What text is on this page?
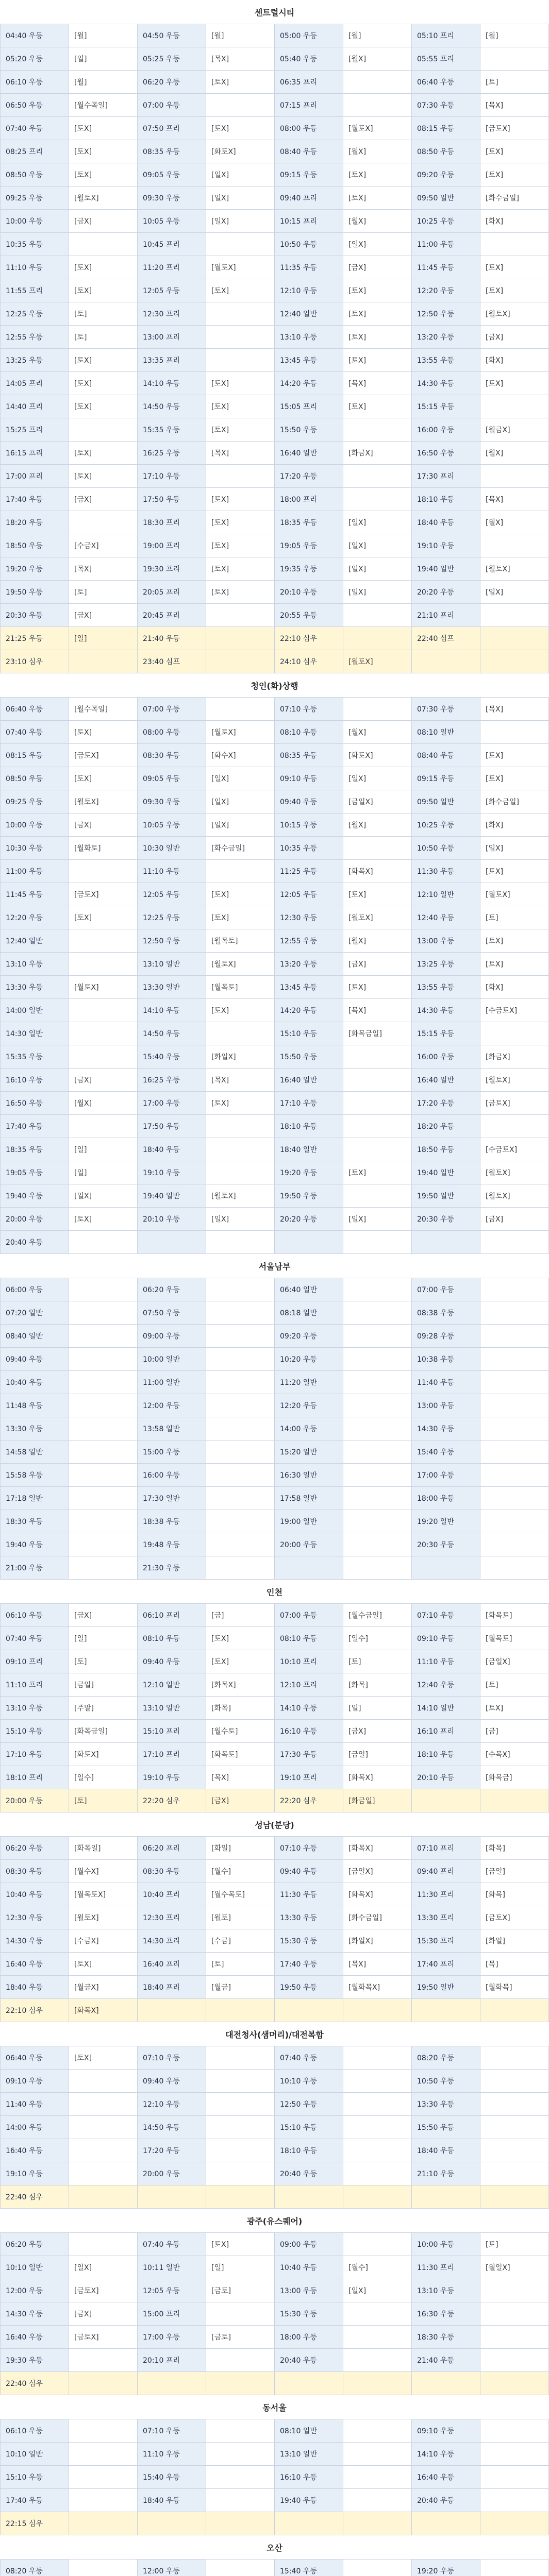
센트럴시티
04:40 우등	[월]	04:50 우등	[월]	05:00 우등	[월]	05:10 프리	[월]
05:20 우등	[일]	05:25 우등	[목X]	05:40 우등	[월X]	05:55 프리
06:10 우등	[월]	06:20 우등	[토X]	06:35 프리	06:40 우등	[토]
06:50 우등	[월수목일]	07:00 우등	07:15 프리	07:30 우등	[목X]
07:40 우등	[토X]	07:50 프리	[토X]	08:00 우등	[월토X]	08:15 우등	[금토X]
08:25 프리	[토X]	08:35 우등	[화토X]	08:40 우등	[월X]	08:50 우등	[토X]
08:50 우등	[토X]	09:05 우등	[일X]	09:15 우등	[토X]	09:20 우등	[토X]
09:25 우등	[월토X]	09:30 우등	[일X]	09:40 프리	[토X]	09:50 일반	[화수금일]
10:00 우등	[금X]	10:05 우등	[일X]	10:15 프리	[월X]	10:25 우등	[화X]
10:35 우등	10:45 프리	10:50 우등	[일X]	11:00 우등
11:10 우등	[토X]	11:20 프리	[월토X]	11:35 우등	[금X]	11:45 우등	[토X]
11:55 프리	[토X]	12:05 우등	[토X]	12:10 우등	[토X]	12:20 우등	[토X]
12:25 우등	[토]	12:30 프리	12:40 일반	[토X]	12:50 우등	[월토X]
12:55 우등	[토]	13:00 프리	13:10 우등	[토X]	13:20 우등	[금X]
13:25 우등	[토X]	13:35 프리	13:45 우등	[토X]	13:55 우등	[화X]
14:05 프리	[토X]	14:10 우등	[토X]	14:20 우등	[목X]	14:30 우등	[토X]
14:40 프리	[토X]	14:50 우등	[토X]	15:05 프리	[토X]	15:15 우등
15:25 프리	15:35 우등	[토X]	15:50 우등	16:00 우등	[월금X]
16:15 프리	[토X]	16:25 우등	[목X]	16:40 일반	[화금X]	16:50 우등	[월X]
17:00 프리	[토X]	17:10 우등	17:20 우등	17:30 프리
17:40 우등	[금X]	17:50 우등	[토X]	18:00 프리	18:10 우등	[목X]
18:20 우등	18:30 프리	[토X]	18:35 우등	[일X]	18:40 우등	[월X]
18:50 우등	[수금X]	19:00 프리	[토X]	19:05 우등	[일X]	19:10 우등
19:20 우등	[목X]	19:30 프리	[토X]	19:35 우등	[일X]	19:40 일반	[월토X]
19:50 우등	[토]	20:05 프리	[토X]	20:10 우등	[일X]	20:20 우등	[일X]
20:30 우등	[금X]	20:45 프리	20:55 우등	21:10 프리
21:25 우등	[일]	21:40 우등	22:10 심우	22:40 심프
23:10 심우	23:40 심프	24:10 심우	[월토X]
청인(화)상행
06:40 우등	[월수목일]	07:00 우등	07:10 우등	07:30 우등	[목X]
07:40 우등	[토X]	08:00 우등	[월토X]	08:10 우등	[월X]	08:10 일반
08:15 우등	[금토X]	08:30 우등	[화수X]	08:35 우등	[화토X]	08:40 우등	[토X]
08:50 우등	[토X]	09:05 우등	[일X]	09:10 우등	[일X]	09:15 우등	[토X]
09:25 우등	[월토X]	09:30 우등	[일X]	09:40 우등	[금일X]	09:50 일반	[화수금일]
10:00 우등	[금X]	10:05 우등	[일X]	10:15 우등	[월X]	10:25 우등	[화X]
10:30 우등	[월화토]	10:30 일반	[화수금일]	10:35 우등	10:50 우등	[일X]
11:00 우등	11:10 우등	11:25 우등	[화목X]	11:30 우등	[토X]
11:45 우등	[금토X]	12:05 우등	[토X]	12:05 우등	[토X]	12:10 일반	[월토X]
12:20 우등	[토X]	12:25 우등	[토X]	12:30 우등	[월토X]	12:40 우등	[토]
12:40 일반	12:50 우등	[월목토]	12:55 우등	[월X]	13:00 우등	[토X]
13:10 우등	13:10 일반	[월토X]	13:20 우등	[금X]	13:25 우등	[토X]
13:30 우등	[월토X]	13:30 일반	[월목토]	13:45 우등	[토X]	13:55 우등	[화X]
14:00 일반	14:10 우등	[토X]	14:20 우등	[목X]	14:30 우등	[수금토X]
14:30 일반	14:50 우등	15:10 우등	[화목금일]	15:15 우등
15:35 우등	15:40 우등	[화일X]	15:50 우등	16:00 우등	[화금X]
16:10 우등	[금X]	16:25 우등	[목X]	16:40 일반	16:40 일반	[월토X]
16:50 우등	[월X]	17:00 우등	[토X]	17:10 우등	17:20 우등	[금토X]
17:40 우등	17:50 우등	18:10 우등	18:20 우등
18:35 우등	[일]	18:40 우등	18:40 일반	18:50 우등	[수금토X]
19:05 우등	[일]	19:10 우등	19:20 우등	[토X]	19:40 일반	[월토X]
19:40 우등	[일X]	19:40 일반	[월토X]	19:50 우등	19:50 일반	[월토X]
20:00 우등	[토X]	20:10 우등	[일X]	20:20 우등	[일X]	20:30 우등	[금X]
20:40 우등
서울남부
06:00 우등	06:20 우등	06:40 일반	07:00 우등
07:20 일반	07:50 우등	08:18 일반	08:38 우등
08:40 일반	09:00 우등	09:20 우등	09:28 우등
09:40 우등	10:00 일반	10:20 우등	10:38 우등
10:40 우등	11:00 일반	11:20 일반	11:40 우등
11:48 우등	12:00 우등	12:20 우등	13:00 우등
13:30 우등	13:58 일반	14:00 우등	14:30 우등
14:58 일반	15:00 우등	15:20 일반	15:40 우등
15:58 우등	16:00 우등	16:30 일반	17:00 우등
17:18 일반	17:30 일반	17:58 일반	18:00 우등
18:30 우등	18:38 우등	19:00 일반	19:20 일반
19:40 우등	19:48 우등	20:00 우등	20:30 우등
21:00 우등	21:30 우등
인천
06:10 우등	[금X]	06:10 프리	[금]	07:00 우등	[월수금일]	07:10 우등	[화목토]
07:40 우등	[일]	08:10 우등	[토X]	08:10 우등	[일수]	09:10 우등	[월목토]
09:10 프리	[토]	09:40 우등	[토X]	10:10 프리	[토]	11:10 우등	[금일X]
11:10 프리	[금일]	12:10 일반	[화목X]	12:10 프리	[화목]	12:40 우등	[토]
13:10 우등	[주말]	13:10 일반	[화목]	14:10 우등	[일]	14:10 일반	[토X]
15:10 우등	[화목금일]	15:10 프리	[월수토]	16:10 우등	[금X]	16:10 프리	[금]
17:10 우등	[화토X]	17:10 프리	[화목토]	17:30 우등	[금일]	18:10 우등	[수목X]
18:10 프리	[일수]	19:10 우등	[목X]	19:10 프리	[화목X]	20:10 우등	[화목금]
20:00 우등	[토]	22:20 심우	[금X]	22:20 심우	[화금일]
성남(분당)
06:20 우등	[화목일]	06:20 프리	[화일]	07:10 우등	[화목X]	07:10 프리	[화목]
08:30 우등	[월수X]	08:30 우등	[월수]	09:40 우등	[금일X]	09:40 프리	[금일]
10:40 우등	[월목토X]	10:40 프리	[월수목토]	11:30 우등	[화목X]	11:30 프리	[화목]
12:30 우등	[월토X]	12:30 프리	[월토]	13:30 우등	[화수금일]	13:30 프리	[금토X]
14:30 우등	[수금X]	14:30 프리	[수금]	15:30 우등	[화일X]	15:30 프리	[화일]
16:40 우등	[토X]	16:40 프리	[토]	17:40 우등	[목X]	17:40 프리	[목]
18:40 우등	[월금X]	18:40 프리	[월금]	19:50 우등	[월화목X]	19:50 일반	[월화목]
22:10 심우	[화목X]
대전청사(샘머리)/대전복합
06:40 우등	[토X]	07:10 우등	07:40 우등	08:20 우등
09:10 우등	09:40 우등	10:10 우등	10:50 우등
11:40 우등	12:10 우등	12:50 우등	13:30 우등
14:00 우등	14:50 우등	15:10 우등	15:50 우등
16:40 우등	17:20 우등	18:10 우등	18:40 우등
19:10 우등	20:00 우등	20:40 우등	21:10 우등
22:40 심우
광주(유스퀘어)
06:20 우등	07:40 우등	[토X]	09:00 우등	10:00 우등	[토]
10:10 일반	[일X]	10:11 일반	[일]	10:40 우등	[월수]	11:30 프리	[월일X]
12:00 우등	[금토X]	12:05 우등	[금토]	13:00 우등	[일X]	13:10 우등
14:30 우등	[금X]	15:00 프리	15:30 우등	16:30 우등
16:40 우등	[금토X]	17:00 우등	[금토]	18:00 우등	18:30 우등
19:30 우등	20:10 프리	20:40 우등	21:40 우등
22:40 심우
동서울
06:10 우등	07:10 우등	08:10 일반	09:10 우등
10:10 일반	11:10 우등	13:10 일반	14:10 우등
15:10 우등	15:40 우등	16:10 우등	16:40 우등
17:40 우등	18:40 우등	19:40 우등	20:40 우등
22:15 심우
오산
08:20 우등	12:00 우등	15:40 우등	19:20 우등
